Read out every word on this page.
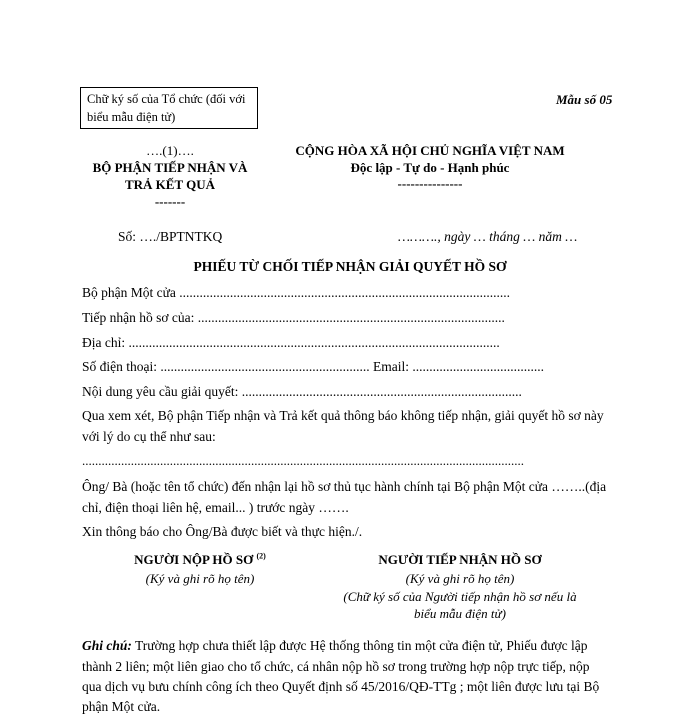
Chữ ký số của Tổ chức (đối với
biểu mẫu điện tử)
Mẫu số 05
….(1)….
BỘ PHẬN TIẾP NHẬN VÀ
TRẢ KẾT QUẢ
-------
CỘNG HÒA XÃ HỘI CHỦ NGHĨA VIỆT NAM
Độc lập - Tự do - Hạnh phúc
---------------
Số: …./BPTNTKQ	………., ngày … tháng … năm …
PHIẾU TỪ CHỐI TIẾP NHẬN GIẢI QUYẾT HỒ SƠ
Bộ phận Một cửa ..................................................................................................
Tiếp nhận hồ sơ của: ...........................................................................................
Địa chỉ: ..............................................................................................................
Số điện thoại: .............................................................. Email: .......................................
Nội dung yêu cầu giải quyết: ...................................................................................
Qua xem xét, Bộ phận Tiếp nhận và Trả kết quả thông báo không tiếp nhận, giải quyết hồ sơ này
với lý do cụ thể như sau:
........................................................................................................................................
Ông/ Bà (hoặc tên tổ chức) đến nhận lại hồ sơ thủ tục hành chính tại Bộ phận Một cửa ……..(địa
chỉ, điện thoại liên hệ, email... ) trước ngày …….
Xin thông báo cho Ông/Bà được biết và thực hiện./.
NGƯỜI NỘP HỒ SƠ $^{(2)}$
(Ký và ghi rõ họ tên)
NGƯỜI TIẾP NHẬN HỒ SƠ
(Ký và ghi rõ họ tên)
(Chữ ký số của Người tiếp nhận hồ sơ nếu là
biểu mẫu điện tử)
Ghi chú: Trường hợp chưa thiết lập được Hệ thống thông tin một cửa điện tử, Phiếu được lập
thành 2 liên; một liên giao cho tổ chức, cá nhân nộp hồ sơ trong trường hợp nộp trực tiếp, nộp
qua dịch vụ bưu chính công ích theo Quyết định số 45/2016/QĐ-TTg ; một liên được lưu tại Bộ
phận Một cửa.
